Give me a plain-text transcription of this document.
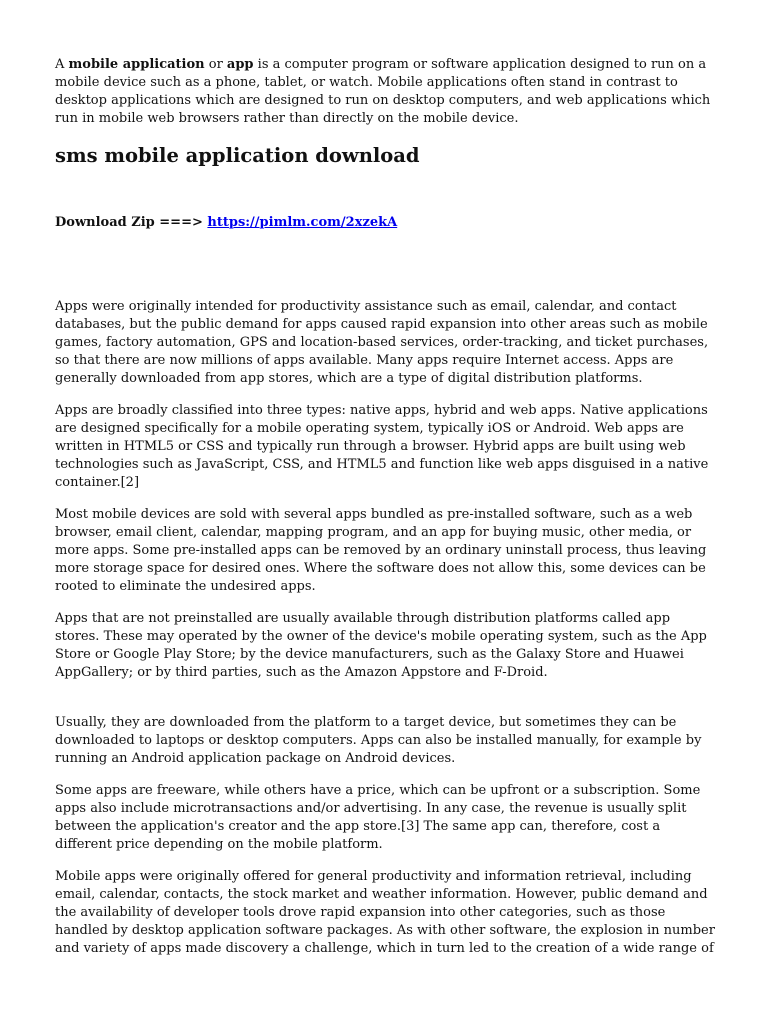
A mobile application or app is a computer program or software application designed to run on a mobile device such as a phone, tablet, or watch. Mobile applications often stand in contrast to desktop applications which are designed to run on desktop computers, and web applications which run in mobile web browsers rather than directly on the mobile device.

sms mobile application download

Download Zip ===> https://pimlm.com/2xzekA

Apps were originally intended for productivity assistance such as email, calendar, and contact databases, but the public demand for apps caused rapid expansion into other areas such as mobile games, factory automation, GPS and location-based services, order-tracking, and ticket purchases, so that there are now millions of apps available. Many apps require Internet access. Apps are generally downloaded from app stores, which are a type of digital distribution platforms.

Apps are broadly classified into three types: native apps, hybrid and web apps. Native applications are designed specifically for a mobile operating system, typically iOS or Android. Web apps are written in HTML5 or CSS and typically run through a browser. Hybrid apps are built using web technologies such as JavaScript, CSS, and HTML5 and function like web apps disguised in a native container.[2]

Most mobile devices are sold with several apps bundled as pre-installed software, such as a web browser, email client, calendar, mapping program, and an app for buying music, other media, or more apps. Some pre-installed apps can be removed by an ordinary uninstall process, thus leaving more storage space for desired ones. Where the software does not allow this, some devices can be rooted to eliminate the undesired apps.

Apps that are not preinstalled are usually available through distribution platforms called app stores. These may operated by the owner of the device's mobile operating system, such as the App Store or Google Play Store; by the device manufacturers, such as the Galaxy Store and Huawei AppGallery; or by third parties, such as the Amazon Appstore and F-Droid.

Usually, they are downloaded from the platform to a target device, but sometimes they can be downloaded to laptops or desktop computers. Apps can also be installed manually, for example by running an Android application package on Android devices.

Some apps are freeware, while others have a price, which can be upfront or a subscription. Some apps also include microtransactions and/or advertising. In any case, the revenue is usually split between the application's creator and the app store.[3] The same app can, therefore, cost a different price depending on the mobile platform.

Mobile apps were originally offered for general productivity and information retrieval, including email, calendar, contacts, the stock market and weather information. However, public demand and the availability of developer tools drove rapid expansion into other categories, such as those handled by desktop application software packages. As with other software, the explosion in number and variety of apps made discovery a challenge, which in turn led to the creation of a wide range of
